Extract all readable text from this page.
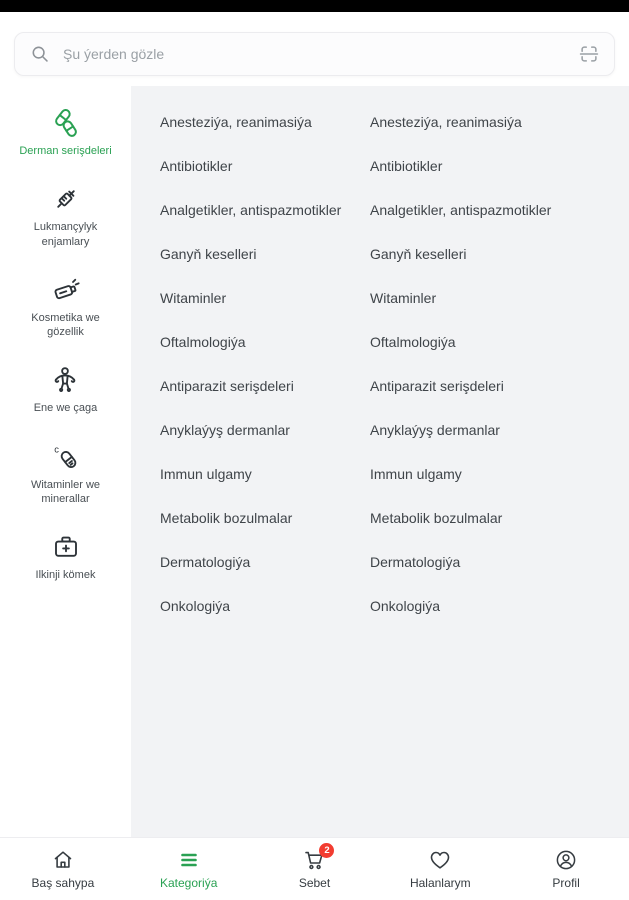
Şu ýerden gözle
Derman serişdeleri
Lukmançylyk enjamlary
Kosmetika we gözellik
Ene we çaga
c
Witaminler we minerallar
Ilkinji kömek
Anesteziýa, reanimasiýa
Antibiotikler
Analgetikler, antispazmotikler
Ganyň keselleri
Witaminler
Oftalmologiýa
Antiparazit serişdeleri
Anyklaýyş dermanlar
Immun ulgamy
Metabolik bozulmalar
Dermatologiýa
Onkologiýa
Anesteziýa, reanimasiýa
Antibiotikler
Analgetikler, antispazmotikler
Ganyň keselleri
Witaminler
Oftalmologiýa
Antiparazit serişdeleri
Anyklaýyş dermanlar
Immun ulgamy
Metabolik bozulmalar
Dermatologiýa
Onkologiýa
Baş sahypa	Kategoriýa
2
Sebet	Halanlarym	Profil
